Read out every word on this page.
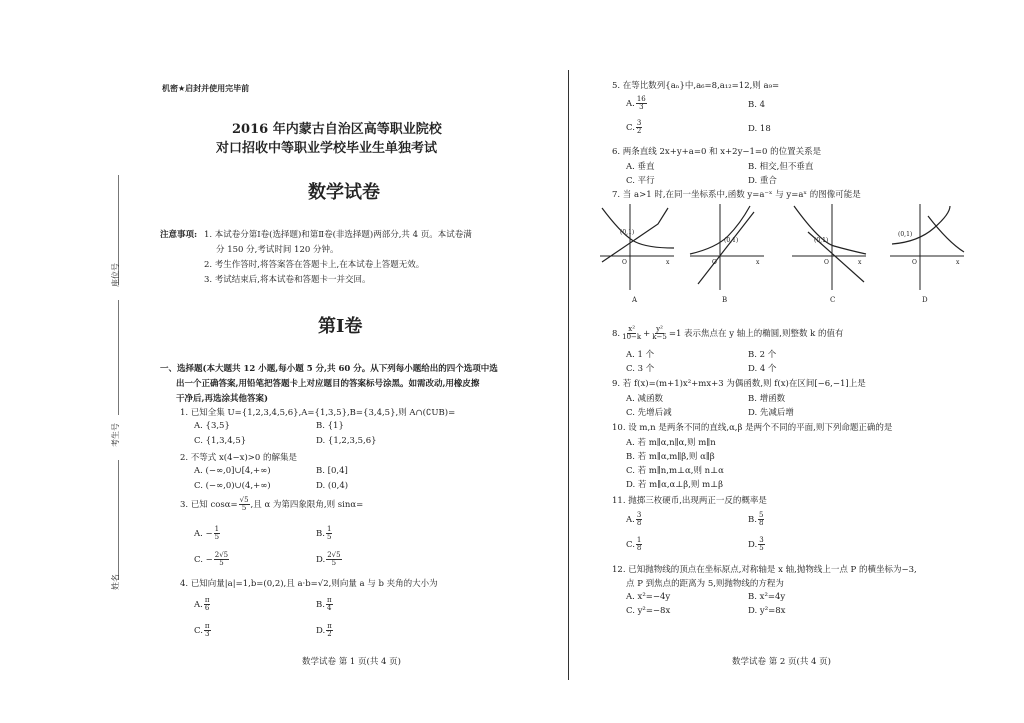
座位号
考生号
姓名
机密★启封并使用完毕前
2016 年内蒙古自治区高等职业院校
对口招收中等职业学校毕业生单独考试
数学试卷
注意事项: 1. 本试卷分第Ⅰ卷(选择题)和第Ⅱ卷(非选择题)两部分,共 4 页。本试卷满
分 150 分,考试时间 120 分钟。
2. 考生作答时,将答案答在答题卡上,在本试卷上答题无效。
3. 考试结束后,将本试卷和答题卡一并交回。
第Ⅰ卷
一、选择题(本大题共 12 小题,每小题 5 分,共 60 分。从下列每小题给出的四个选项中选
出一个正确答案,用铅笔把答题卡上对应题目的答案标号涂黑。如需改动,用橡皮擦
干净后,再选涂其他答案)
1. 已知全集 U={1,2,3,4,5,6},A={1,3,5},B={3,4,5},则 A∩(∁UB)=
A. {3,5}	B. {1}
C. {1,3,4,5}	D. {1,2,3,5,6}
2. 不等式 x(4−x)>0 的解集是
A. (−∞,0]∪[4,+∞)	B. [0,4]
C. (−∞,0)∪(4,+∞)	D. (0,4)
3. 已知 $\cos\alpha= \frac{√5}{5}$ ,且 α 为第四象限角,则 sinα=
A. − $\frac{1}{5}$	B. $\frac{1}{5}$
C. − $\frac{2√5}{5}$	D. $\frac{2√5}{5}$
4. 已知向量|a|=1,b=(0,2),且 a·b=√2,则向量 a 与 b 夹角的大小为
A. $\frac{\pi}{6}$	B. $\frac{\pi}{4}$
C. $\frac{\pi}{3}$	D. $\frac{\pi}{2}$
数学试卷 第 1 页(共 4 页)
5. 在等比数列{aₙ}中,a₆=8,a₁₂=12,则 a₉=
A. $\frac{16}{3}$	B. 4
C. $\frac{3}{2}$	D. 18
6. 两条直线 2x+y+a=0 和 x+2y−1=0 的位置关系是
A. 垂直	B. 相交,但不垂直
C. 平行	D. 重合
7. 当 a>1 时,在同一坐标系中,函数 y=a⁻ˣ 与 y=aˣ 的图像可能是
(0,1)
O	x
A
(0,1)
O	x
B
(0,1)
O	x
C
(0,1)
O	x
D
8. $\frac{\text{x²}}{10-k} + \frac{\text{y²}}{k-5} =1$ 表示焦点在 y 轴上的椭圆,则整数 k 的值有
A. 1 个	B. 2 个
C. 3 个	D. 4 个
9. 若 f(x)=(m+1)x²+mx+3 为偶函数,则 f(x)在区间[−6,−1]上是
A. 减函数	B. 增函数
C. 先增后减	D. 先减后增
10. 设 m,n 是两条不同的直线,α,β 是两个不同的平面,则下列命题正确的是
A. 若 m∥α,n∥α,则 m∥n
B. 若 m∥α,m∥β,则 α∥β
C. 若 m∥n,m⊥α,则 n⊥α
D. 若 m∥α,α⊥β,则 m⊥β
11. 抛掷三枚硬币,出现两正一反的概率是
A. $\frac{3}{8}$	B. $\frac{5}{8}$
C. $\frac{1}{8}$	D. $\frac{3}{5}$
12. 已知抛物线的顶点在坐标原点,对称轴是 x 轴,抛物线上一点 P 的横坐标为−3,
点 P 到焦点的距离为 5,则抛物线的方程为
A. x²=−4y	B. x²=4y
C. y²=−8x	D. y²=8x
数学试卷 第 2 页(共 4 页)
